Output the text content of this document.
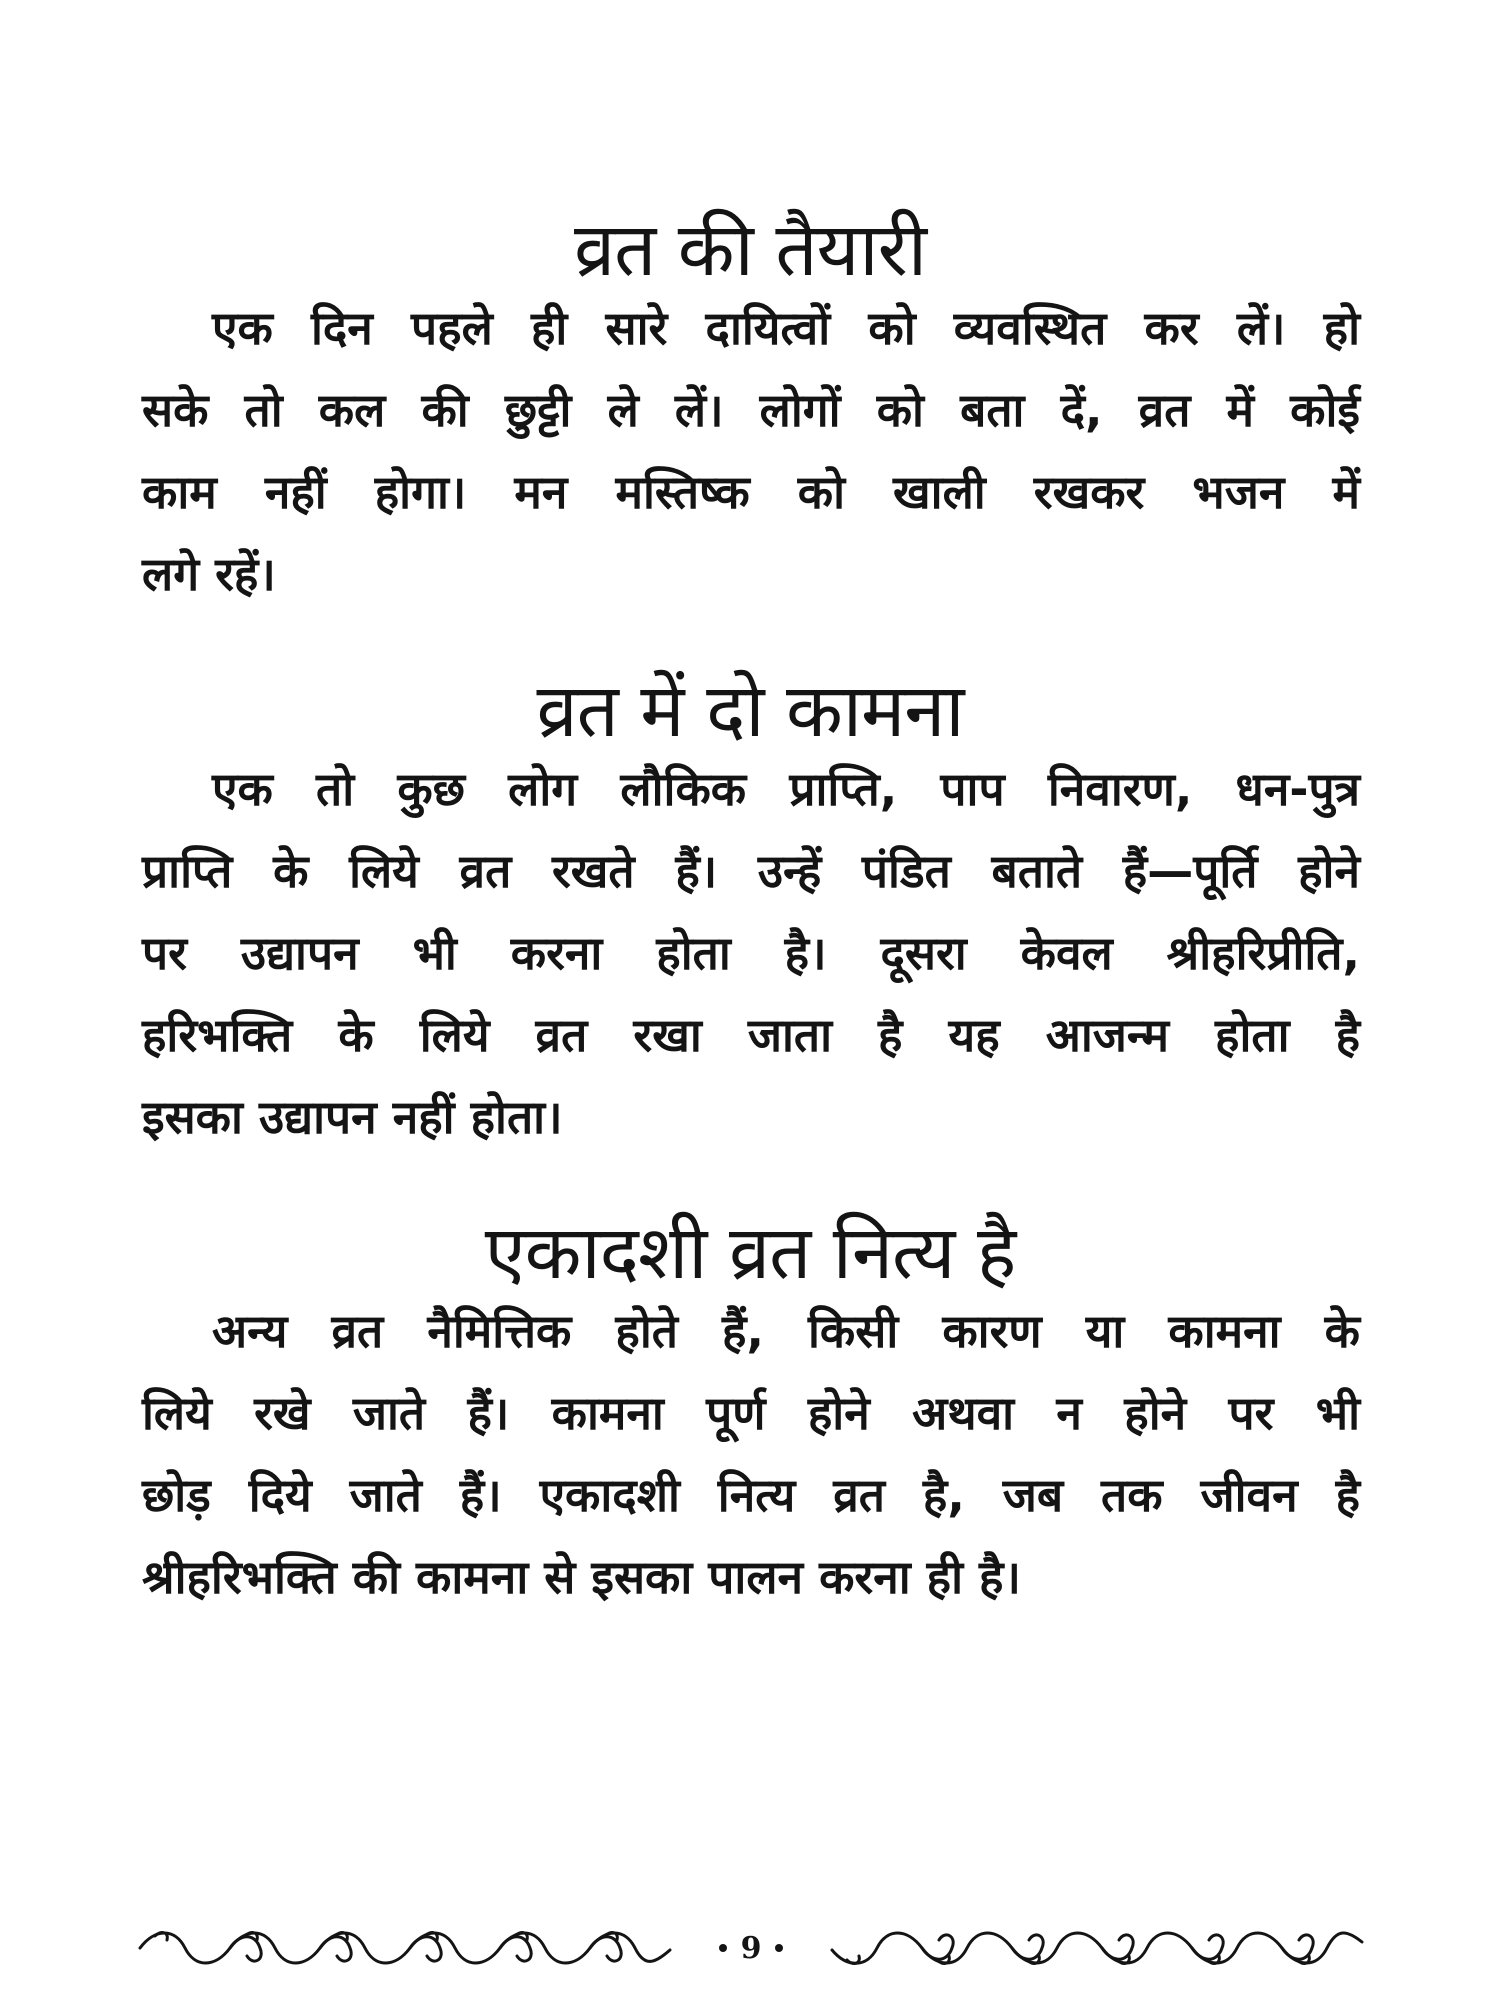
व्रत की तैयारी

एक दिन पहले ही सारे दायित्वों को व्यवस्थित कर लें। हो
सके तो कल की छुट्टी ले लें। लोगों को बता दें, व्रत में कोई
काम नहीं होगा। मन मस्तिष्क को खाली रखकर भजन में
लगे रहें।

व्रत में दो कामना

एक तो कुछ लोग लौकिक प्राप्ति, पाप निवारण, धन-पुत्र
प्राप्ति के लिये व्रत रखते हैं। उन्हें पंडित बताते हैं—पूर्ति होने
पर उद्यापन भी करना होता है। दूसरा केवल श्रीहरिप्रीति,
हरिभक्ति के लिये व्रत रखा जाता है यह आजन्म होता है
इसका उद्यापन नहीं होता।

एकादशी व्रत नित्य है

अन्य व्रत नैमित्तिक होते हैं, किसी कारण या कामना के
लिये रखे जाते हैं। कामना पूर्ण होने अथवा न होने पर भी
छोड़ दिये जाते हैं। एकादशी नित्य व्रत है, जब तक जीवन है
श्रीहरिभक्ति की कामना से इसका पालन करना ही है।

9
